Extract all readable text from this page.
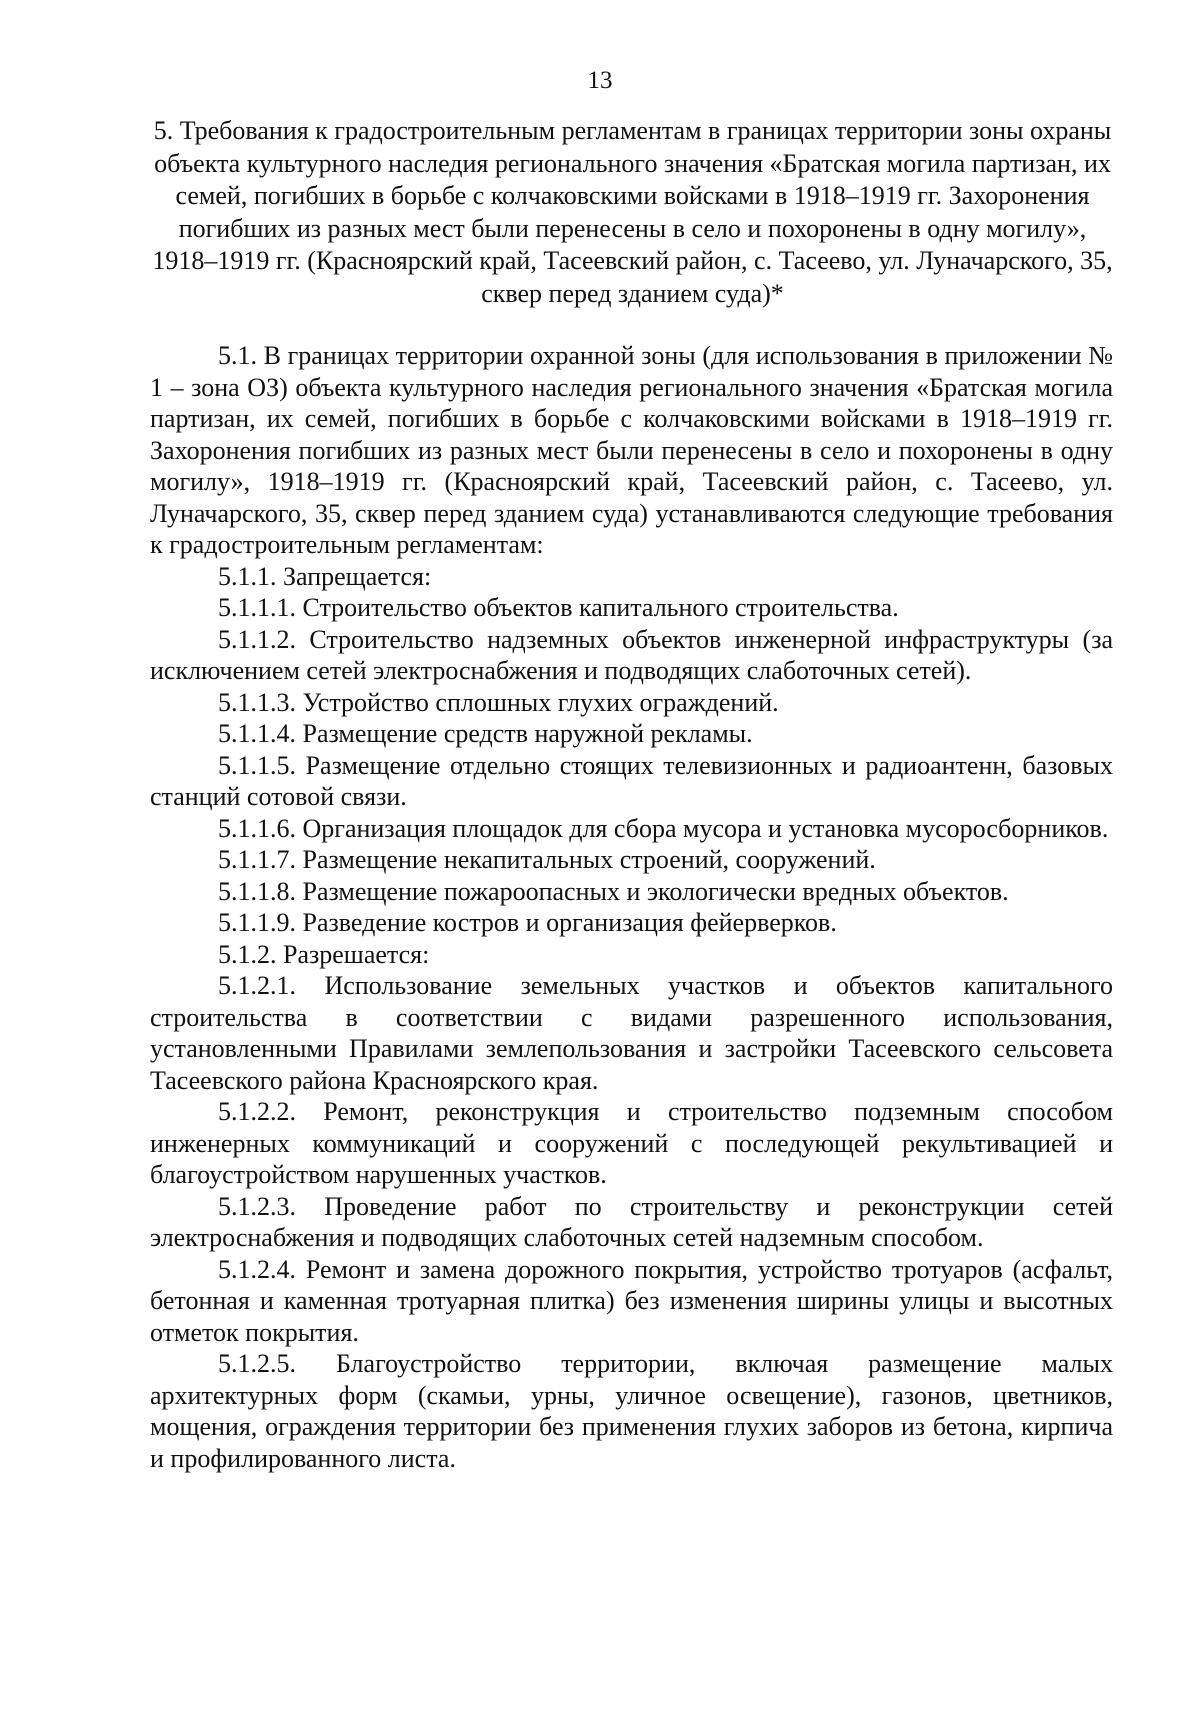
13
5. Требования к градостроительным регламентам в границах территории зоны охраны объекта культурного наследия регионального значения «Братская могила партизан, их семей, погибших в борьбе с колчаковскими войсками в 1918–1919 гг. Захоронения погибших из разных мест были перенесены в село и похоронены в одну могилу», 1918–1919 гг. (Красноярский край, Тасеевский район, с. Тасеево, ул. Луначарского, 35, сквер перед зданием суда)*

5.1. В границах территории охранной зоны (для использования в приложении № 1 – зона ОЗ) объекта культурного наследия регионального значения «Братская могила партизан, их семей, погибших в борьбе с колчаковскими войсками в 1918–1919 гг. Захоронения погибших из разных мест были перенесены в село и похоронены в одну могилу», 1918–1919 гг. (Красноярский край, Тасеевский район, с. Тасеево, ул. Луначарского, 35, сквер перед зданием суда) устанавливаются следующие требования к градостроительным регламентам:

5.1.1. Запрещается:

5.1.1.1. Строительство объектов капитального строительства.

5.1.1.2. Строительство надземных объектов инженерной инфраструктуры (за исключением сетей электроснабжения и подводящих слаботочных сетей).

5.1.1.3. Устройство сплошных глухих ограждений.

5.1.1.4. Размещение средств наружной рекламы.

5.1.1.5. Размещение отдельно стоящих телевизионных и радиоантенн, базовых станций сотовой связи.

5.1.1.6. Организация площадок для сбора мусора и установка мусоросборников.

5.1.1.7. Размещение некапитальных строений, сооружений.

5.1.1.8. Размещение пожароопасных и экологически вредных объектов.

5.1.1.9. Разведение костров и организация фейерверков.

5.1.2. Разрешается:

5.1.2.1. Использование земельных участков и объектов капитального строительства в соответствии с видами разрешенного использования, установленными Правилами землепользования и застройки Тасеевского сельсовета Тасеевского района Красноярского края.

5.1.2.2. Ремонт, реконструкция и строительство подземным способом инженерных коммуникаций и сооружений с последующей рекультивацией и благоустройством нарушенных участков.

5.1.2.3. Проведение работ по строительству и реконструкции сетей электроснабжения и подводящих слаботочных сетей надземным способом.

5.1.2.4. Ремонт и замена дорожного покрытия, устройство тротуаров (асфальт, бетонная и каменная тротуарная плитка) без изменения ширины улицы и высотных отметок покрытия.

5.1.2.5. Благоустройство территории, включая размещение малых архитектурных форм (скамьи, урны, уличное освещение), газонов, цветников, мощения, ограждения территории без применения глухих заборов из бетона, кирпича и профилированного листа.
